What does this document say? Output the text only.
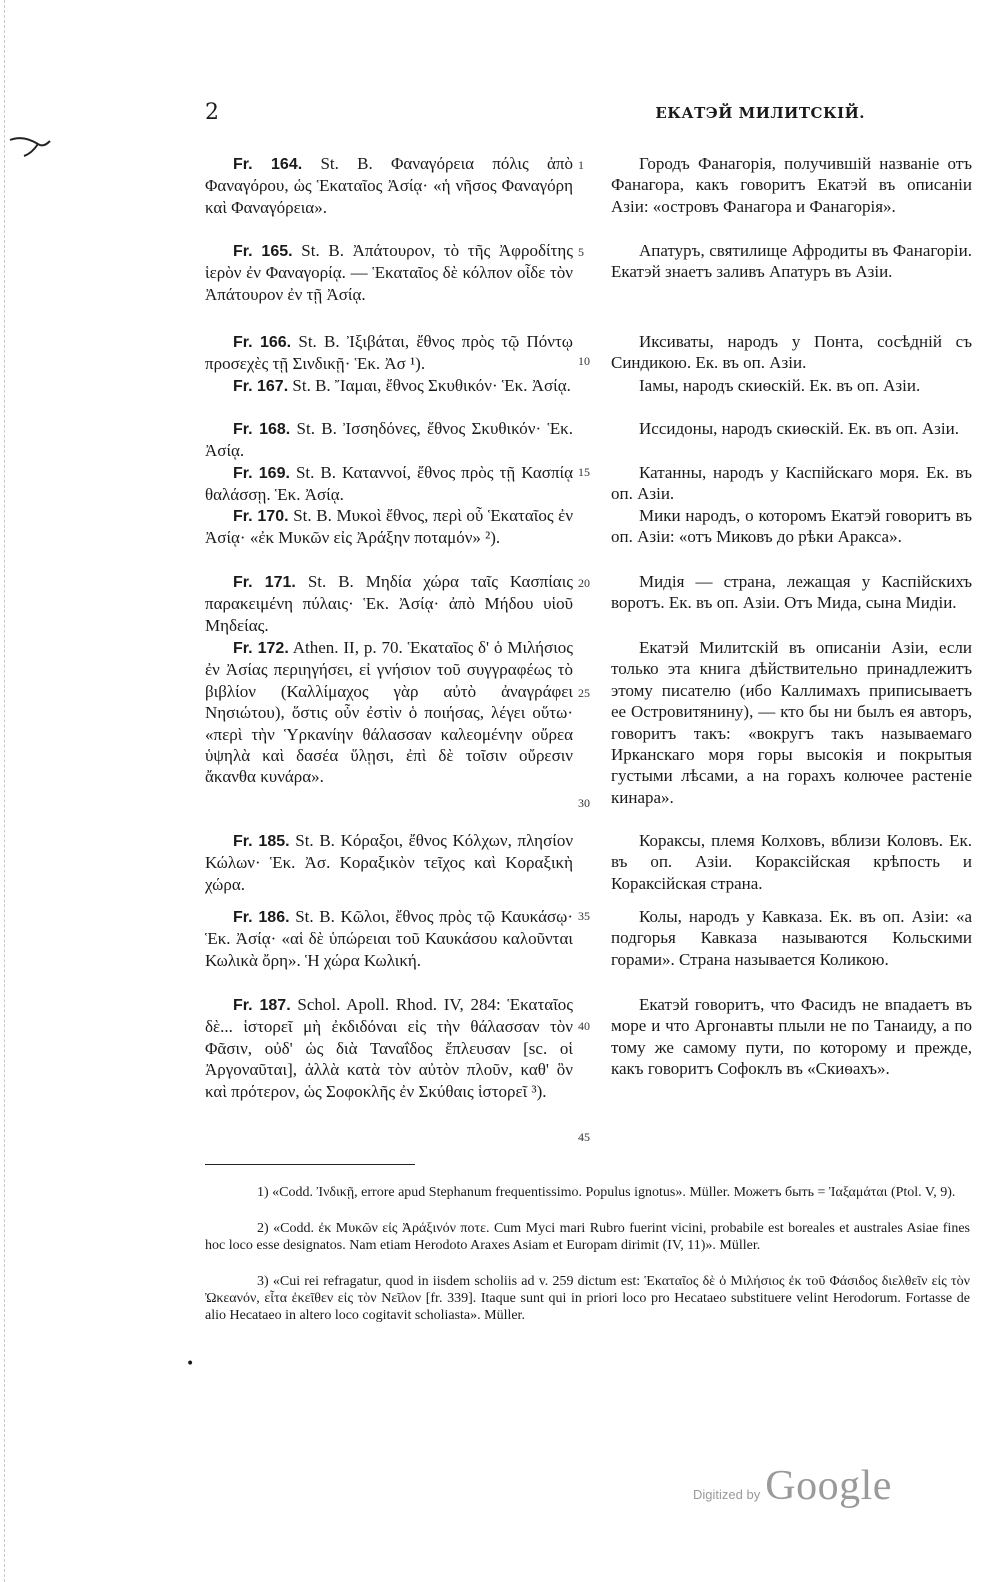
2	ЕКАТЭЙ МИЛИТСКІЙ.
Fr. 164. St. B. Φαναγόρεια πόλις ἀπὸ Φαναγόρου, ὡς Ἑκαταῖος Ἀσίᾳ· «ἡ νῆσος Φαναγόρη καὶ Φαναγόρεια».
Городъ Фанагорія, получившій названіе отъ Фанагора, какъ говоритъ Екатэй въ описаніи Азіи: «островъ Фанагора и Фанагорія».
Fr. 165. St. B. Ἀπάτουρον, τὸ τῆς Ἀφροδίτης ἱερὸν ἐν Φαναγορίᾳ. — Ἑκαταῖος δὲ κόλπον οἶδε τὸν Ἀπάτουρον ἐν τῇ Ἀσίᾳ.
Апатуръ, святилище Афродиты въ Фанагоріи. Екатэй знаетъ заливъ Апатуръ въ Азіи.
Fr. 166. St. B. Ἰξιβάται, ἔθνος πρὸς τῷ Πόντῳ προσεχὲς τῇ Σινδικῇ· Ἑκ. Ἀσ ¹).
Иксиваты, народъ у Понта, сосѣдній съ Синдикою. Ек. въ оп. Азіи.
Fr. 167. St. B. Ἴαμαι, ἔθνος Σκυθικόν· Ἑκ. Ἀσίᾳ.	Іамы, народъ скиѳскій. Ек. въ оп. Азіи.
Fr. 168. St. B. Ἰσσηδόνες, ἔθνος Σκυθικόν· Ἑκ. Ἀσίᾳ.
Иссидоны, народъ скиѳскій. Ек. въ оп. Азіи.
Fr. 169. St. B. Καταννοί, ἔθνος πρὸς τῇ Κασπίᾳ θαλάσσῃ. Ἑκ. Ἀσίᾳ.
Катанны, народъ у Каспійскаго моря. Ек. въ оп. Азіи.
Fr. 170. St. B. Μυκοὶ ἔθνος, περὶ οὗ Ἑκαταῖος ἐν Ἀσίᾳ· «ἐκ Μυκῶν εἰς Ἀράξην ποταμόν» ²).
Мики народъ, о которомъ Екатэй говоритъ въ оп. Азіи: «отъ Миковъ до рѣки Аракса».
Fr. 171. St. B. Μηδία χώρα ταῖς Κασπίαις παρακειμένη πύλαις· Ἑκ. Ἀσίᾳ· ἀπὸ Μήδου υἱοῦ Μηδείας.
Мидія — страна, лежащая у Каспійскихъ воротъ. Ек. въ оп. Азіи. Отъ Мида, сына Мидіи.
Fr. 172. Athen. II, p. 70. Ἑκαταῖος δ' ὁ Μιλήσιος ἐν Ἀσίας περιηγήσει, εἰ γνήσιον τοῦ συγγραφέως τὸ βιβλίον (Καλλίμαχος γὰρ αὐτὸ ἀναγράφει Νησιώτου), ὅστις οὖν ἐστὶν ὁ ποιήσας, λέγει οὕτω· «περὶ τὴν Ὑρκανίην θάλασσαν καλεομένην οὔρεα ὑψηλὰ καὶ δασέα ὕλῃσι, ἐπὶ δὲ τοῖσιν οὔρεσιν ἄκανθα κυνάρα».
Екатэй Милитскій въ описаніи Азіи, если только эта книга дѣйствительно принадлежитъ этому писателю (ибо Каллимахъ приписываетъ ее Островитянину), — кто бы ни былъ ея авторъ, говоритъ такъ: «вокругъ такъ называемаго Ирканскаго моря горы высокія и покрытыя густыми лѣсами, а на горахъ колючее растеніе кинара».
Fr. 185. St. B. Κόραξοι, ἔθνος Κόλχων, πλησίον Κώλων· Ἑκ. Ἀσ. Κοραξικὸν τεῖχος καὶ Κοραξικὴ χώρα.
Кораксы, племя Колховъ, вблизи Коловъ. Ек. въ оп. Азіи. Кораксійская крѣпость и Кораксійская страна.
Fr. 186. St. B. Κῶλοι, ἔθνος πρὸς τῷ Καυκάσῳ· Ἑκ. Ἀσίᾳ· «αἱ δὲ ὑπώρειαι τοῦ Καυκάσου καλοῦνται Κωλικὰ ὄρη». Ἡ χώρα Κωλική.
Колы, народъ у Кавказа. Ек. въ оп. Азіи: «а подгорья Кавказа называются Кольскими горами». Страна называется Коликою.
Fr. 187. Schol. Apoll. Rhod. IV, 284: Ἑκαταῖος δὲ... ἱστορεῖ μὴ ἐκδιδόναι εἰς τὴν θάλασσαν τὸν Φᾶσιν, οὐδ' ὡς διὰ Ταναΐδος ἔπλευσαν [sc. οἱ Ἀργοναῦται], ἀλλὰ κατὰ τὸν αὐτὸν πλοῦν, καθ' ὃν καὶ πρότερον, ὡς Σοφοκλῆς ἐν Σκύθαις ἱστορεῖ ³).
Екатэй говоритъ, что Фасидъ не впадаетъ въ море и что Аргонавты плыли не по Танаиду, а по тому же самому пути, по которому и прежде, какъ говоритъ Софоклъ въ «Скиѳахъ».
1
5
10
15
20
25
30
35
40
45
1) «Codd. Ἰνδικῇ, errore apud Stephanum frequentissimo. Populus ignotus». Müller. Можетъ быть = Ἰαξαμάται (Ptol. V, 9).
2) «Codd. ἐκ Μυκῶν εἰς Ἀράξινόν ποτε. Cum Myci mari Rubro fuerint vicini, probabile est boreales et australes Asiae fines hoc loco esse designatos. Nam etiam Herodoto Araxes Asiam et Europam dirimit (IV, 11)». Müller.
3) «Cui rei refragatur, quod in iisdem scholiis ad v. 259 dictum est: Ἑκαταῖος δὲ ὁ Μιλήσιος ἐκ τοῦ Φάσιδος διελθεῖν εἰς τὸν Ὠκεανόν, εἶτα ἐκεῖθεν εἰς τὸν Νεῖλον [fr. 339]. Itaque sunt qui in priori loco pro Hecataeo substituere velint Herodorum. Fortasse de alio Hecataeo in altero loco cogitavit scholiasta». Müller.
•
Digitized by Google
